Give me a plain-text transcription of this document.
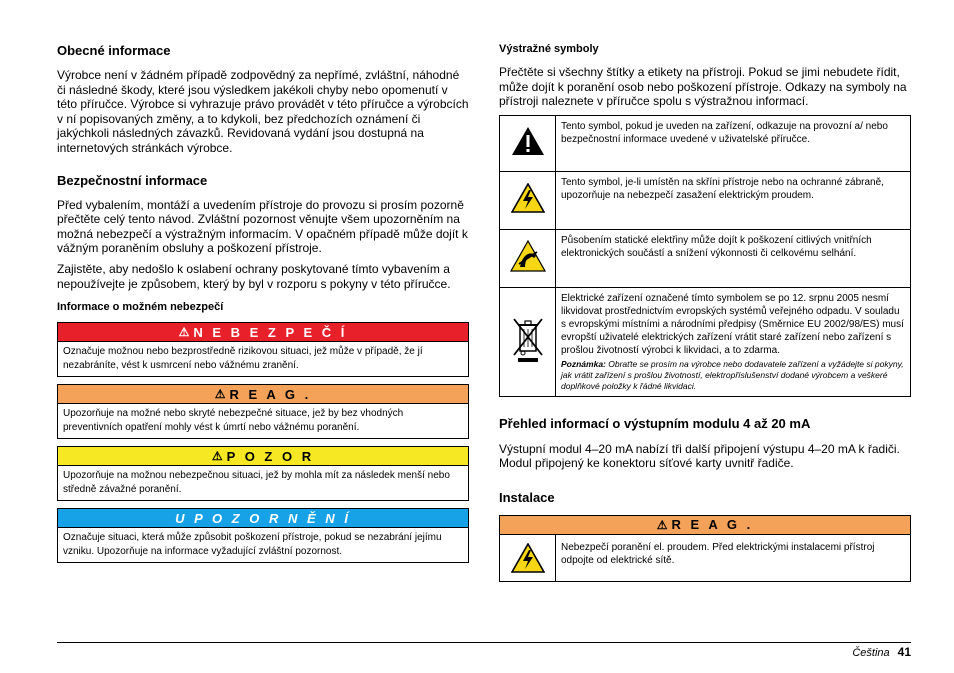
Obecné informace

Výrobce není v žádném případě zodpovědný za nepřímé, zvláštní, náhodné či následné škody, které jsou výsledkem jakékoli chyby nebo opomenutí v této příručce. Výrobce si vyhrazuje právo provádět v této příručce a výrobcích v ní popisovaných změny, a to kdykoli, bez předchozích oznámení či jakýchkoli následných závazků. Revidovaná vydání jsou dostupná na internetových stránkách výrobce.

Bezpečnostní informace

Před vybalením, montáží a uvedením přístroje do provozu si prosím pozorně přečtěte celý tento návod. Zvláštní pozornost věnujte všem upozorněním na možná nebezpečí a výstražným informacím. V opačném případě může dojít k vážným poraněním obsluhy a poškození přístroje.

Zajistěte, aby nedošlo k oslabení ochrany poskytované tímto vybavením a nepoužívejte je způsobem, který by byl v rozporu s pokyny v této příručce.

Informace o možném nebezpečí
⚠ N E B E Z P E Č Í
Označuje možnou nebo bezprostředně rizikovou situaci, jež může v případě, že jí nezabráníte, vést k usmrcení nebo vážnému zranění.
⚠ R E A G .
Upozorňuje na možné nebo skryté nebezpečné situace, jež by bez vhodných preventivních opatření mohly vést k úmrtí nebo vážnému poranění.
⚠ P O Z O R
Upozorňuje na možnou nebezpečnou situaci, jež by mohla mít za následek menší nebo středně závažné poranění.
U P O Z O R N Ě N Í
Označuje situaci, která může způsobit poškození přístroje, pokud se nezabrání jejímu vzniku. Upozorňuje na informace vyžadující zvláštní pozornost.
Výstražné symboly

Přečtěte si všechny štítky a etikety na přístroji. Pokud se jimi nebudete řídit, může dojít k poranění osob nebo poškození přístroje. Odkazy na symboly na přístroji naleznete v příručce spolu s výstražnou informací.

	Tento symbol, pokud je uveden na zařízení, odkazuje na provozní a/ nebo bezpečnostní informace uvedené v uživatelské příručce.
	Tento symbol, je-li umístěn na skříni přístroje nebo na ochranné zábraně, upozorňuje na nebezpečí zasažení elektrickým proudem.
	Působením statické elektřiny může dojít k poškození citlivých vnitřních elektronických součástí a snížení výkonnosti či celkovému selhání.

Elektrické zařízení označené tímto symbolem se po 12. srpnu 2005 nesmí likvidovat prostřednictvím evropských systémů veřejného odpadu. V souladu s evropskými místními a národními předpisy (Směrnice EU 2002/98/ES) musí evropští uživatelé elektrických zařízení vrátit staré zařízení nebo zařízení s prošlou životností výrobci k likvidaci, a to zdarma.
Poznámka: Obraťte se prosím na výrobce nebo dodavatele zařízení a vyžádejte si pokyny, jak vrátit zařízení s prošlou životností, elektropříslušenství dodané výrobcem a veškeré doplňkové položky k řádné likvidaci.
Přehled informací o výstupním modulu 4 až 20 mA

Výstupní modul 4–20 mA nabízí tři další připojení výstupu 4–20 mA k řadiči. Modul připojený ke konektoru síťové karty uvnitř řadiče.

Instalace
⚠ R E A G .
Nebezpečí poranění el. proudem. Před elektrickými instalacemi přístroj odpojte od elektrické sítě.
Čeština 41
